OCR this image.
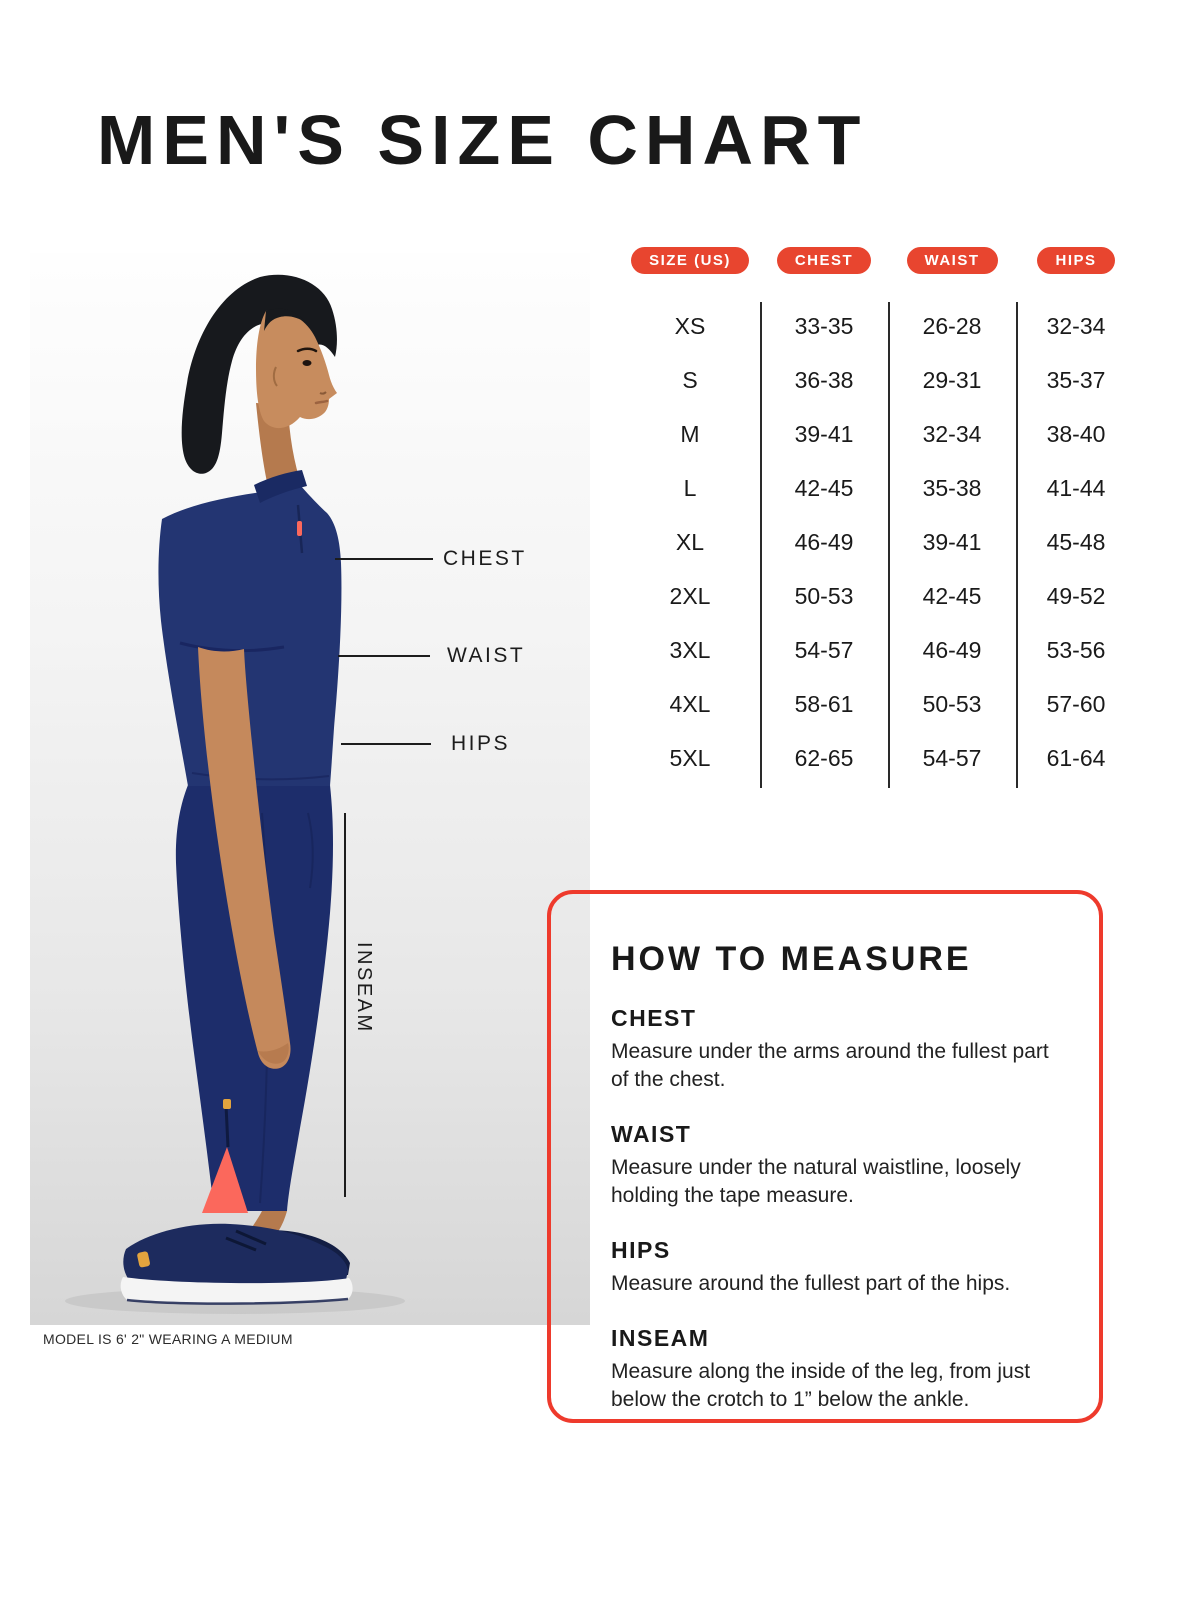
MEN'S SIZE CHART
MODEL IS 6' 2" WEARING A MEDIUM
CHEST
WAIST
HIPS
INSEAM
SIZE (US)	CHEST	WAIST	HIPS
XS	33-35	26-28	32-34
S	36-38	29-31	35-37
M	39-41	32-34	38-40
L	42-45	35-38	41-44
XL	46-49	39-41	45-48
2XL	50-53	42-45	49-52
3XL	54-57	46-49	53-56
4XL	58-61	50-53	57-60
5XL	62-65	54-57	61-64
HOW TO MEASURE
CHEST
Measure under the arms around the fullest part of the chest.
WAIST
Measure under the natural waistline, loosely holding the tape measure.
HIPS
Measure around the fullest part of the hips.
INSEAM
Measure along the inside of the leg, from just below the crotch to 1” below the ankle.
